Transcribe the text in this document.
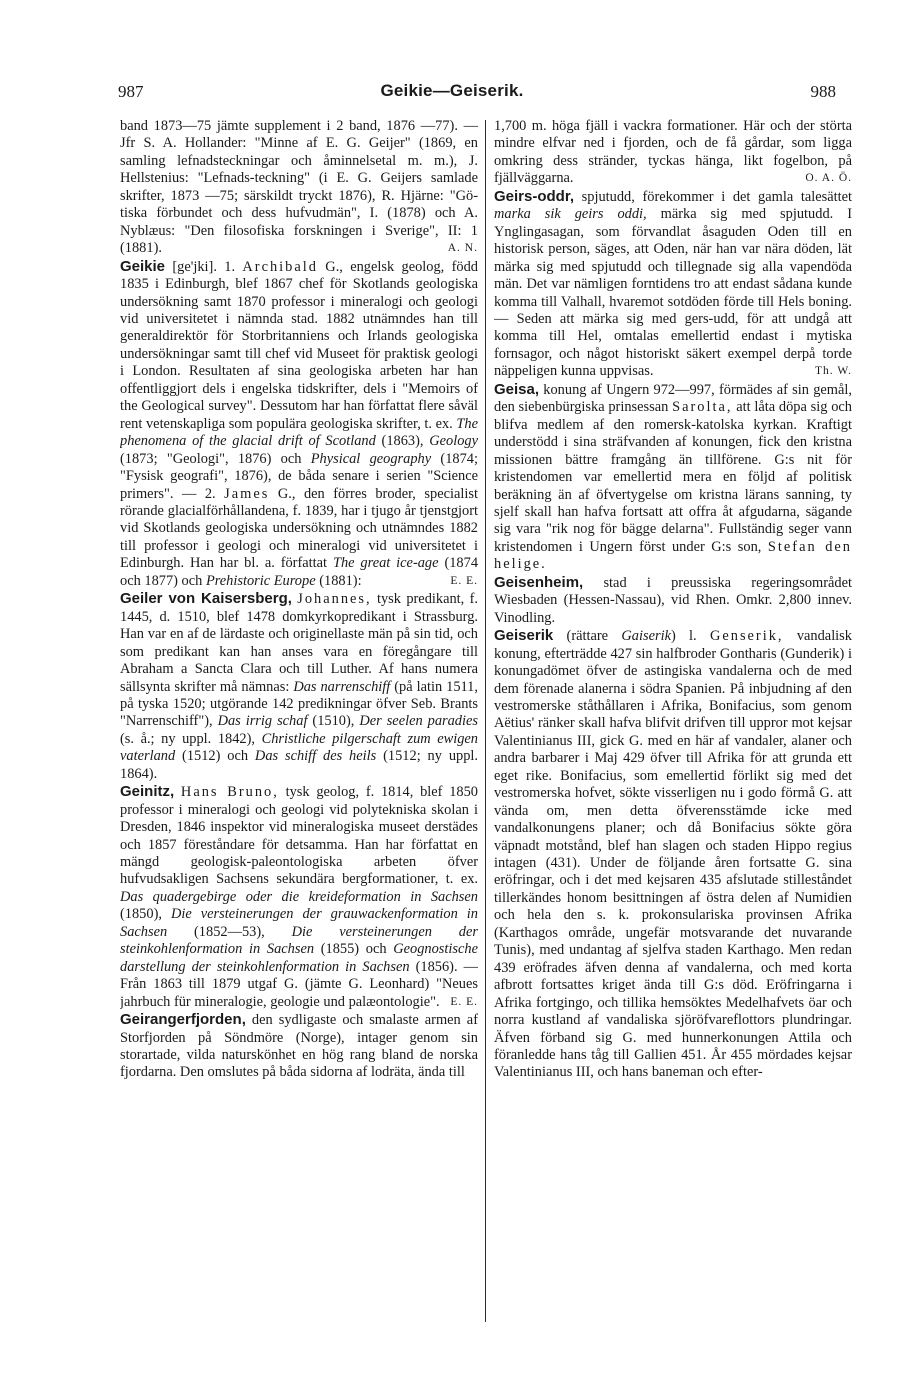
987	Geikie—Geiserik.	988

band 1873—75 jämte supplement i 2 band, 1876 —77). — Jfr S. A. Hollander: "Minne af E. G. Geijer" (1869, en samling lefnadsteckningar och åminnelsetal m. m.), J. Hellstenius: "Lefnads-teckning" (i E. G. Geijers samlade skrifter, 1873 —75; särskildt tryckt 1876), R. Hjärne: "Gö-tiska förbundet och dess hufvudmän", I. (1878) och A. Nyblæus: "Den filosofiska forskningen i Sverige", II: 1 (1881).	A. N.

Geikie [ge'jki]. 1. Archibald G., engelsk geolog, född 1835 i Edinburgh, blef 1867 chef för Skotlands geologiska undersökning samt 1870 professor i mineralogi och geologi vid universitetet i nämnda stad. 1882 utnämndes han till generaldirektör för Storbritanniens och Irlands geologiska undersökningar samt till chef vid Museet för praktisk geologi i London. Resultaten af sina geologiska arbeten har han offentliggjort dels i engelska tidskrifter, dels i "Memoirs of the Geological survey". Dessutom har han författat flere såväl rent vetenskapliga som populära geologiska skrifter, t. ex. The phenomena of the glacial drift of Scotland (1863), Geology (1873; "Geologi", 1876) och Physical geography (1874; "Fysisk geografi", 1876), de båda senare i serien "Science primers". — 2. James G., den förres broder, specialist rörande glacialförhållandena, f. 1839, har i tjugo år tjenstgjort vid Skotlands geologiska undersökning och utnämndes 1882 till professor i geologi och mineralogi vid universitetet i Edinburgh. Han har bl. a. författat The great ice-age (1874 och 1877) och Prehistoric Europe (1881):	E. E.

Geiler von Kaisersberg, Johannes, tysk predikant, f. 1445, d. 1510, blef 1478 domkyrkopredikant i Strassburg. Han var en af de lärdaste och originellaste män på sin tid, och som predikant kan han anses vara en föregångare till Abraham a Sancta Clara och till Luther. Af hans numera sällsynta skrifter må nämnas: Das narrenschiff (på latin 1511, på tyska 1520; utgörande 142 predikningar öfver Seb. Brants "Narrenschiff"), Das irrig schaf (1510), Der seelen paradies (s. å.; ny uppl. 1842), Christliche pilgerschaft zum ewigen vaterland (1512) och Das schiff des heils (1512; ny uppl. 1864).

Geinitz, Hans Bruno, tysk geolog, f. 1814, blef 1850 professor i mineralogi och geologi vid polytekniska skolan i Dresden, 1846 inspektor vid mineralogiska museet derstädes och 1857 föreståndare för detsamma. Han har författat en mängd geologisk-paleontologiska arbeten öfver hufvudsakligen Sachsens sekundära bergformationer, t. ex. Das quadergebirge oder die kreideformation in Sachsen (1850), Die versteinerungen der grauwackenformation in Sachsen (1852—53), Die versteinerungen der steinkohlenformation in Sachsen (1855) och Geognostische darstellung der steinkohlenformation in Sachsen (1856). — Från 1863 till 1879 utgaf G. (jämte G. Leonhard) "Neues jahrbuch für mineralogie, geologie und palæontologie". E. E.

Geirangerfjorden, den sydligaste och smalaste armen af Storfjorden på Söndmöre (Norge), intager genom sin storartade, vilda naturskönhet en hög rang bland de norska fjordarna. Den omslutes på båda sidorna af lodräta, ända till

1,700 m. höga fjäll i vackra formationer. Här och der störta mindre elfvar ned i fjorden, och de få gårdar, som ligga omkring dess stränder, tyckas hänga, likt fogelbon, på fjällväggarna.	O. A. Ö.

Geirs-oddr, spjutudd, förekommer i det gamla talesättet marka sik geirs oddi, märka sig med spjutudd. I Ynglingasagan, som förvandlat åsaguden Oden till en historisk person, säges, att Oden, när han var nära döden, lät märka sig med spjutudd och tillegnade sig alla vapendöda män. Det var nämligen forntidens tro att endast sådana kunde komma till Valhall, hvaremot sotdöden förde till Hels boning. — Seden att märka sig med gers-udd, för att undgå att komma till Hel, omtalas emellertid endast i mytiska fornsagor, och något historiskt säkert exempel derpå torde näppeligen kunna uppvisas.	Th. W.

Geisa, konung af Ungern 972—997, förmädes af sin gemål, den siebenbürgiska prinsessan Sarolta, att låta döpa sig och blifva medlem af den romersk-katolska kyrkan. Kraftigt understödd i sina sträfvanden af konungen, fick den kristna missionen bättre framgång än tillförene. G:s nit för kristendomen var emellertid mera en följd af politisk beräkning än af öfvertygelse om kristna lärans sanning, ty sjelf skall han hafva fortsatt att offra åt afgudarna, sägande sig vara "rik nog för bägge delarna". Fullständig seger vann kristendomen i Ungern först under G:s son, Stefan den helige.

Geisenheim, stad i preussiska regeringsområdet Wiesbaden (Hessen-Nassau), vid Rhen. Omkr. 2,800 innev. Vinodling.

Geiserik (rättare Gaiserik) l. Genserik, vandalisk konung, efterträdde 427 sin halfbroder Gontharis (Gunderik) i konungadömet öfver de astingiska vandalerna och de med dem förenade alanerna i södra Spanien. På inbjudning af den vestromerske ståthållaren i Afrika, Bonifacius, som genom Aëtius' ränker skall hafva blifvit drifven till uppror mot kejsar Valentinianus III, gick G. med en här af vandaler, alaner och andra barbarer i Maj 429 öfver till Afrika för att grunda ett eget rike. Bonifacius, som emellertid förlikt sig med det vestromerska hofvet, sökte visserligen nu i godo förmå G. att vända om, men detta öfverensstämde icke med vandalkonungens planer; och då Bonifacius sökte göra väpnadt motstånd, blef han slagen och staden Hippo regius intagen (431). Under de följande åren fortsatte G. sina eröfringar, och i det med kejsaren 435 afslutade stilleståndet tillerkändes honom besittningen af östra delen af Numidien och hela den s. k. prokonsulariska provinsen Afrika (Karthagos område, ungefär motsvarande det nuvarande Tunis), med undantag af sjelfva staden Karthago. Men redan 439 eröfrades äfven denna af vandalerna, och med korta afbrott fortsattes kriget ända till G:s död. Eröfringarna i Afrika fortgingo, och tillika hemsöktes Medelhafvets öar och norra kustland af vandaliska sjöröfvareflottors plundringar. Äfven förband sig G. med hunnerkonungen Attila och föranledde hans tåg till Gallien 451. År 455 mördades kejsar Valentinianus III, och hans baneman och efter-
